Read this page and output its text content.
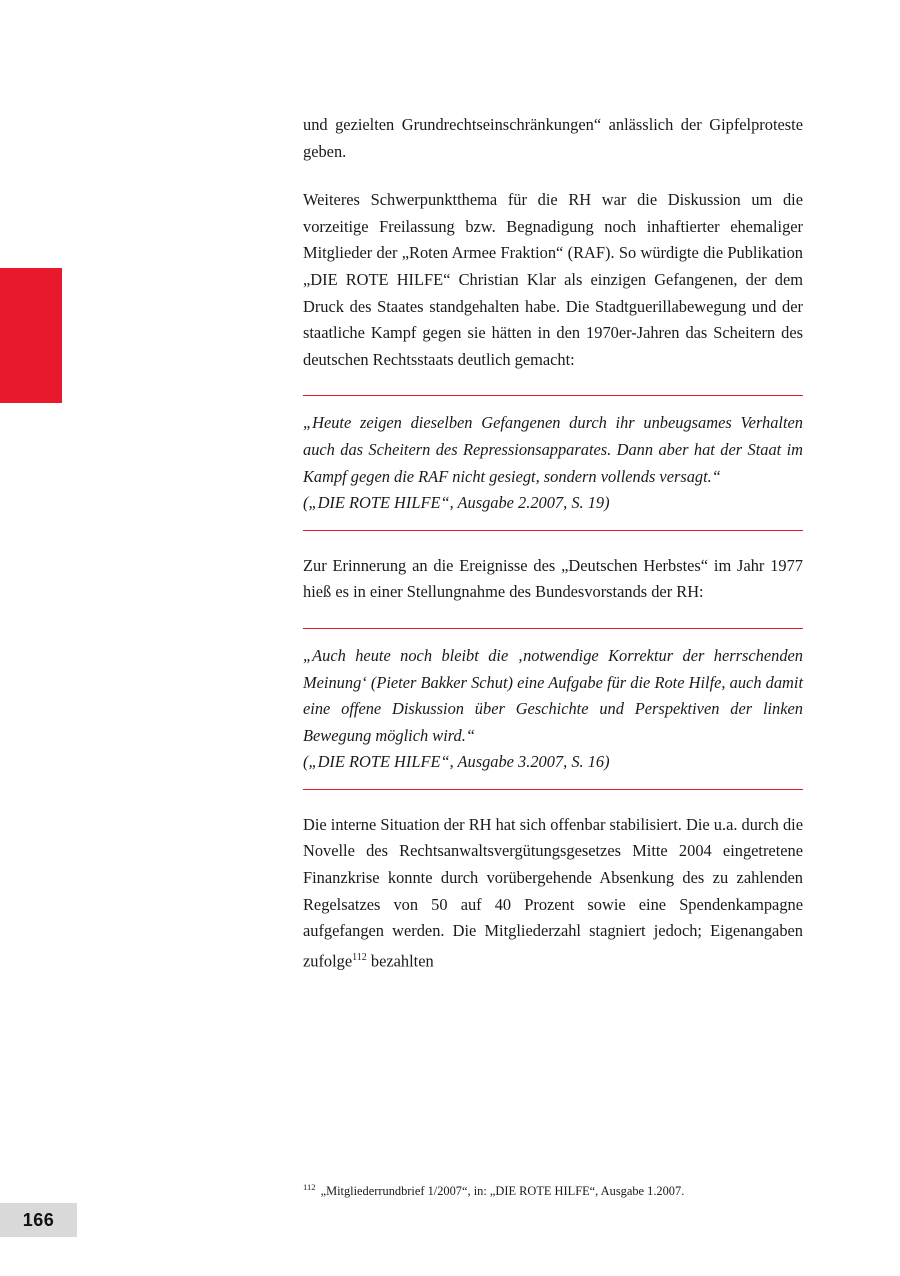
166

und gezielten Grundrechtseinschränkungen“ anlässlich der Gipfelproteste geben.

Weiteres Schwerpunktthema für die RH war die Diskussion um die vorzeitige Freilassung bzw. Begnadigung noch inhaftierter ehemaliger Mitglieder der „Roten Armee Fraktion“ (RAF). So würdigte die Publikation „DIE ROTE HILFE“ Christian Klar als einzigen Gefangenen, der dem Druck des Staates standgehalten habe. Die Stadtguerillabewegung und der staatliche Kampf gegen sie hätten in den 1970er-Jahren das Scheitern des deutschen Rechtsstaats deutlich gemacht:

„Heute zeigen dieselben Gefangenen durch ihr unbeugsames Verhalten auch das Scheitern des Repressionsapparates. Dann aber hat der Staat im Kampf gegen die RAF nicht gesiegt, sondern vollends versagt.“

(„DIE ROTE HILFE“, Ausgabe 2.2007, S. 19)

Zur Erinnerung an die Ereignisse des „Deutschen Herbstes“ im Jahr 1977 hieß es in einer Stellungnahme des Bundesvorstands der RH:

„Auch heute noch bleibt die ‚notwendige Korrektur der herrschenden Meinung‘ (Pieter Bakker Schut) eine Aufgabe für die Rote Hilfe, auch damit eine offene Diskussion über Geschichte und Perspektiven der linken Bewegung möglich wird.“

(„DIE ROTE HILFE“, Ausgabe 3.2007, S. 16)

Die interne Situation der RH hat sich offenbar stabilisiert. Die u.a. durch die Novelle des Rechtsanwaltsvergütungsgesetzes Mitte 2004 eingetretene Finanzkrise konnte durch vorübergehende Absenkung des zu zahlenden Regelsatzes von 50 auf 40 Prozent sowie eine Spendenkampagne aufgefangen werden. Die Mitgliederzahl stagniert jedoch; Eigenangaben zufolge$^{112}$ bezahlten

$^{112}$ „Mitgliederrundbrief 1/2007“, in: „DIE ROTE HILFE“, Ausgabe 1.2007.
